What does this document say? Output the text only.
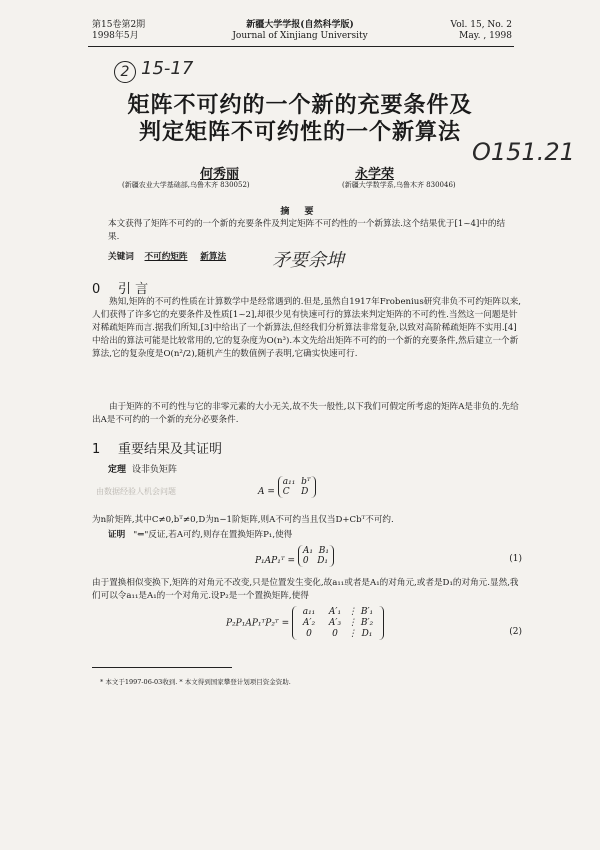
第15卷第2期
1998年5月
新疆大学学报(自然科学版)
Journal of Xinjiang University
Vol. 15, No. 2
May. , 1998
2 15-17
O151.21
矛要余坤
矩阵不可约的一个新的充要条件及
判定矩阵不可约性的一个新算法
何秀丽
(新疆农业大学基础部,乌鲁木齐 830052)
永学荣
(新疆大学数学系,乌鲁木齐 830046)
摘 要
本文获得了矩阵不可约的一个新的充要条件及判定矩阵不可约性的一个新算法.这个结果优于[1~4]中的结果.
关键词 不可约矩阵 新算法
0 引 言
熟知,矩阵的不可约性质在计算数学中是经常遇到的.但是,虽然自1917年Frobenius研究非负不可约矩阵以来,人们获得了许多它的充要条件及性质[1~2],却很少见有快速可行的算法来判定矩阵的不可约性.当然这一问题是针对稀疏矩阵而言.据我们所知,[3]中给出了一个新算法,但经我们分析算法非常复杂,以致对高阶稀疏矩阵不实用.[4]中给出的算法可能是比较常用的,它的复杂度为O(n³).本文先给出矩阵不可约的一个新的充要条件,然后建立一个新算法,它的复杂度是O(n²/2),随机产生的数值例子表明,它确实快速可行.
由于矩阵的不可约性与它的非零元素的大小无关,故不失一般性,以下我们可假定所考虑的矩阵A是非负的.先给出A是不可约的一个新的充分必要条件.
1 重要结果及其证明
定理 设非负矩阵
A = a₁₁ bᵀ
C D
为n阶矩阵,其中C≠0,bᵀ≠0,D为n−1阶矩阵,则A不可约当且仅当D+Cbᵀ不可约.
证明 "⇐"反证,若A可约,则存在置换矩阵P₁,使得
P₁AP₁ᵀ = A₁ B₁
0 D₁	(1)
由于置换相似变换下,矩阵的对角元不改变,只是位置发生变化,故a₁₁或者是A₁的对角元,或者是D₁的对角元.显然,我们可以令a₁₁是A₁的一个对角元.设P₂是一个置换矩阵,使得
P₂P₁AP₁ᵀP₂ᵀ =
a₁₁	A′₁ ⋮ B′₁
A′₂	A′₃ ⋮ B′₂
0	0	⋮ D₁	(2)
由数据经验人机会问题
* 本文于1997-06-03收到. * 本文得到国家攀登计划项目资金资助.
